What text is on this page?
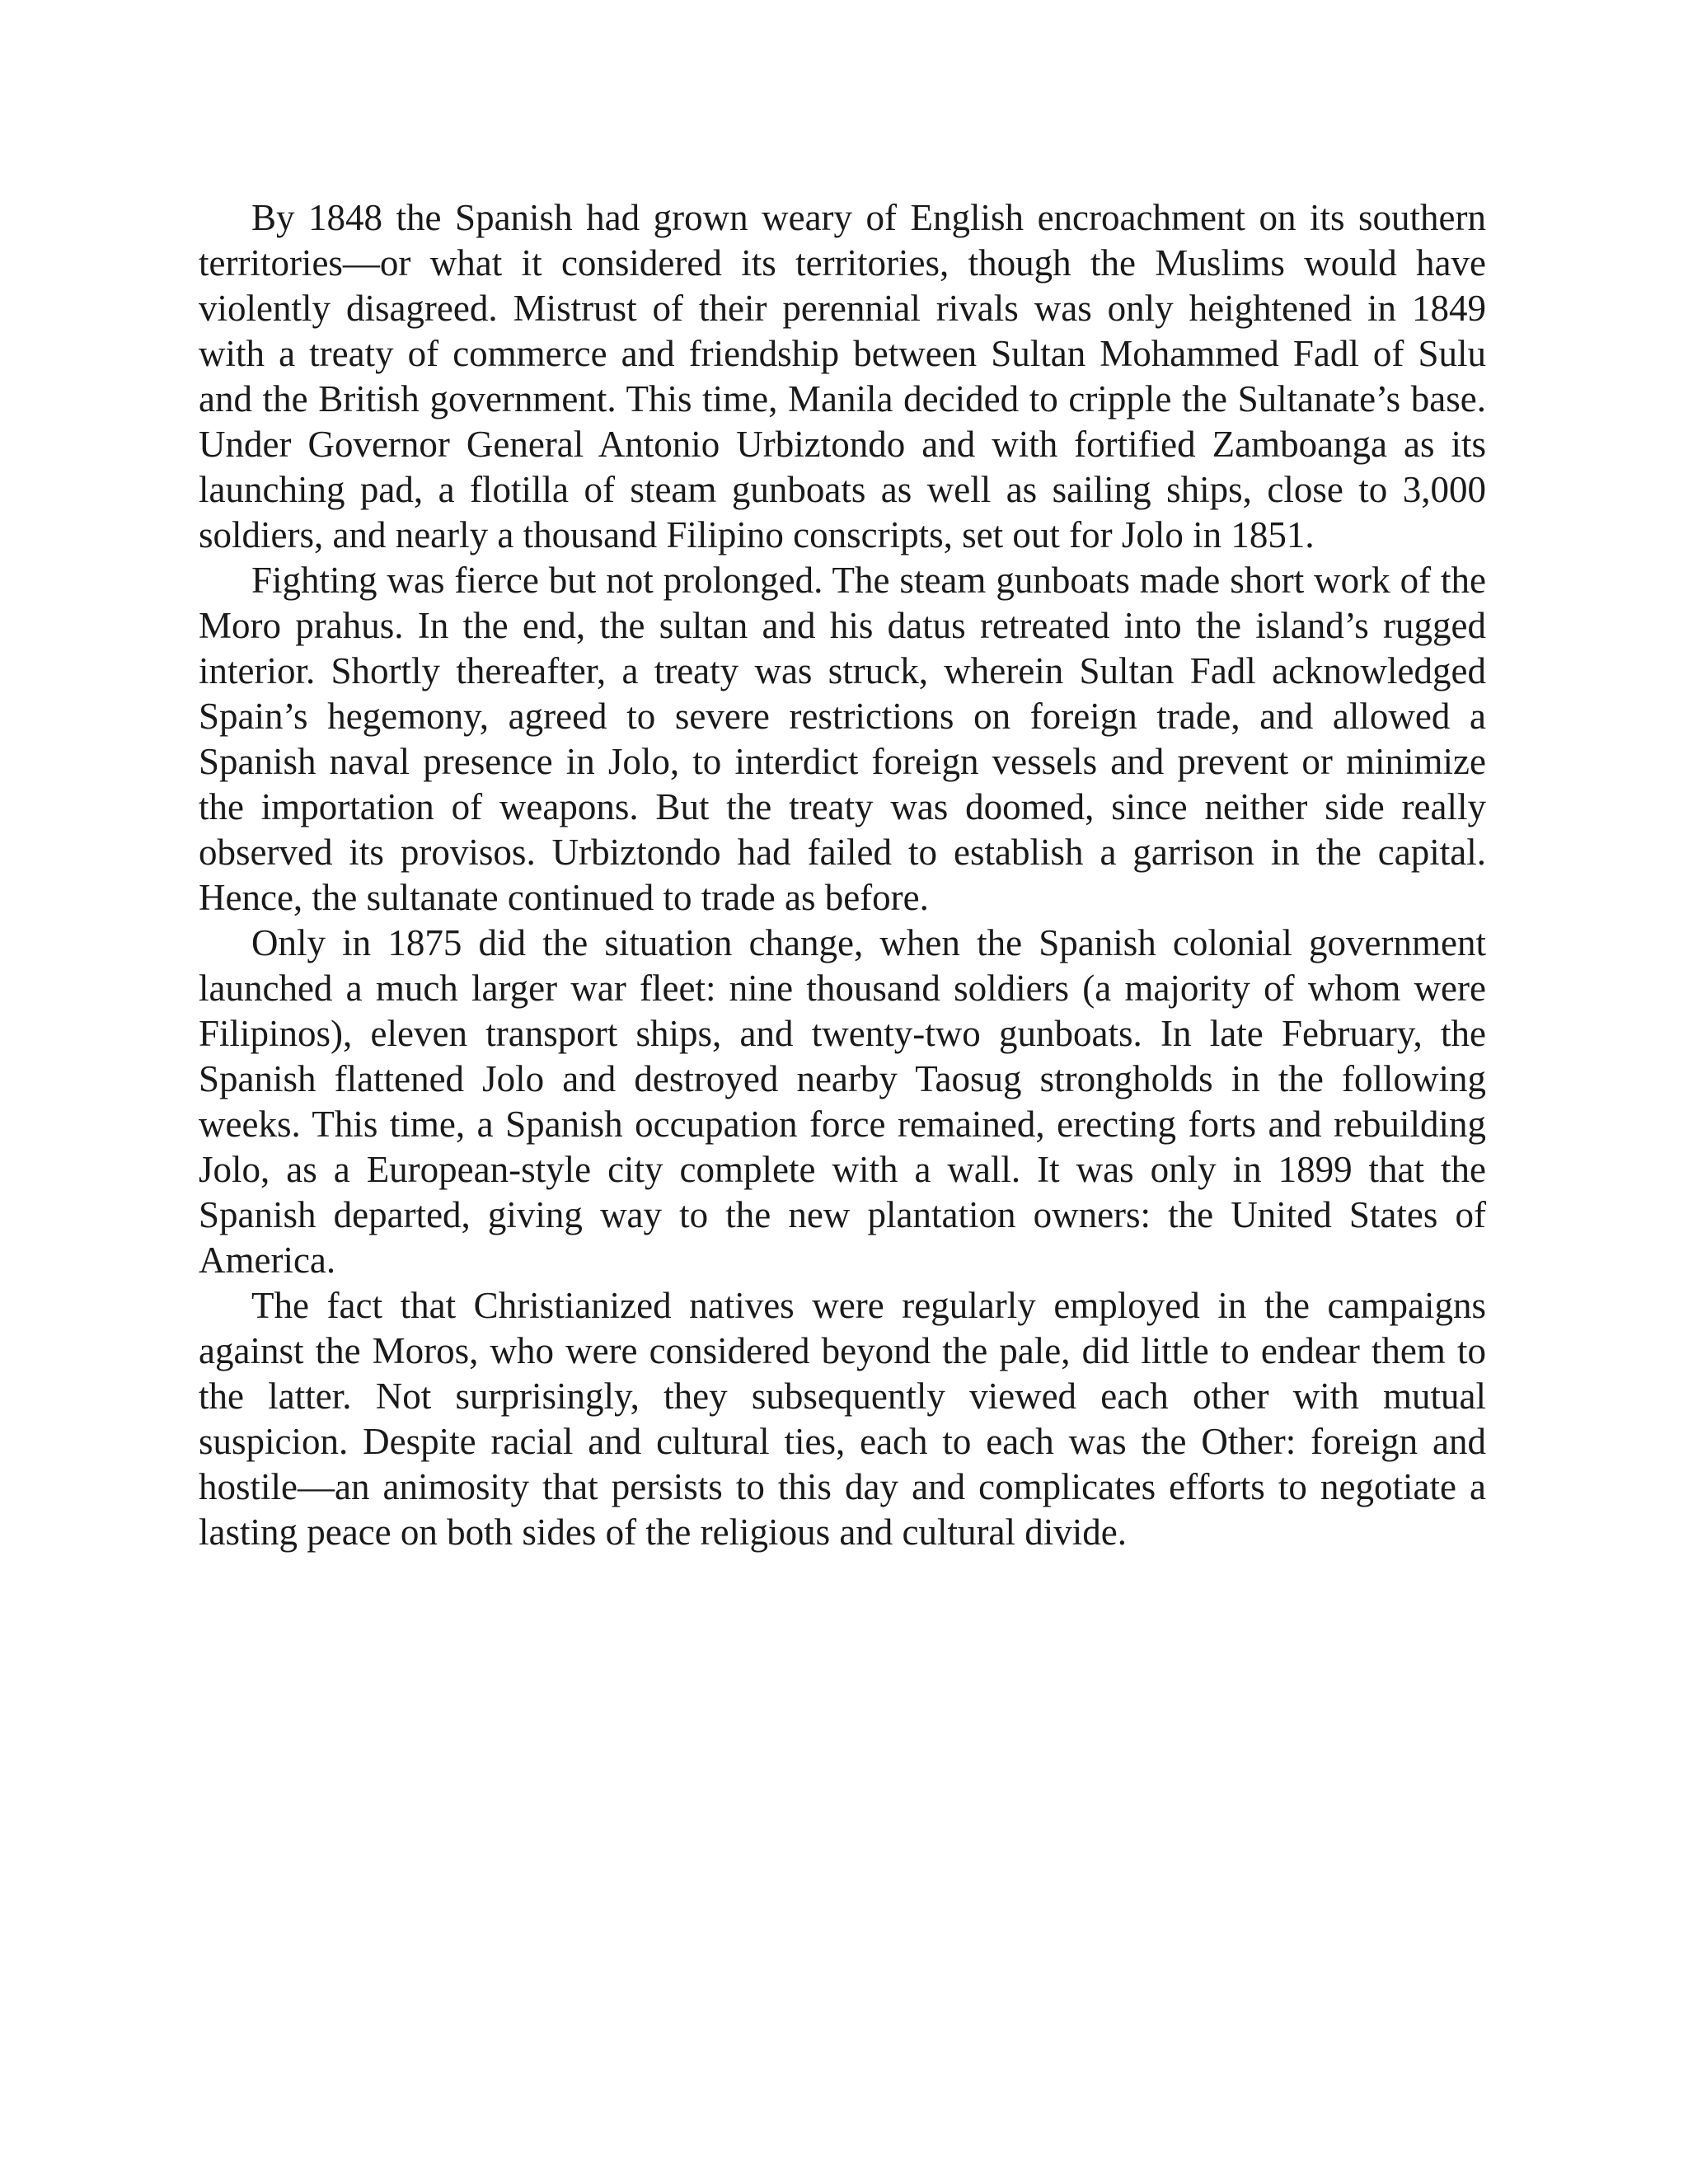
By 1848 the Spanish had grown weary of English encroachment on its southern territories—or what it considered its territories, though the Muslims would have violently disagreed. Mistrust of their perennial rivals was only heightened in 1849 with a treaty of commerce and friendship between Sultan Mohammed Fadl of Sulu and the British government. This time, Manila decided to cripple the Sultanate’s base. Under Governor General Antonio Urbiztondo and with fortified Zamboanga as its launching pad, a flotilla of steam gunboats as well as sailing ships, close to 3,000 soldiers, and nearly a thousand Filipino conscripts, set out for Jolo in 1851.

Fighting was fierce but not prolonged. The steam gunboats made short work of the Moro prahus. In the end, the sultan and his datus retreated into the island’s rugged interior. Shortly thereafter, a treaty was struck, wherein Sultan Fadl acknowledged Spain’s hegemony, agreed to severe restrictions on foreign trade, and allowed a Spanish naval presence in Jolo, to interdict foreign vessels and prevent or minimize the importation of weapons. But the treaty was doomed, since neither side really observed its provisos. Urbiztondo had failed to establish a garrison in the capital. Hence, the sultanate continued to trade as before.

Only in 1875 did the situation change, when the Spanish colonial government launched a much larger war fleet: nine thousand soldiers (a majority of whom were Filipinos), eleven transport ships, and twenty-two gunboats. In late February, the Spanish flattened Jolo and destroyed nearby Taosug strongholds in the following weeks. This time, a Spanish occupation force remained, erecting forts and rebuilding Jolo, as a European-style city complete with a wall. It was only in 1899 that the Spanish departed, giving way to the new plantation owners: the United States of America.

The fact that Christianized natives were regularly employed in the campaigns against the Moros, who were considered beyond the pale, did little to endear them to the latter. Not surprisingly, they subsequently viewed each other with mutual suspicion. Despite racial and cultural ties, each to each was the Other: foreign and hostile—an animosity that persists to this day and complicates efforts to negotiate a lasting peace on both sides of the religious and cultural divide.
